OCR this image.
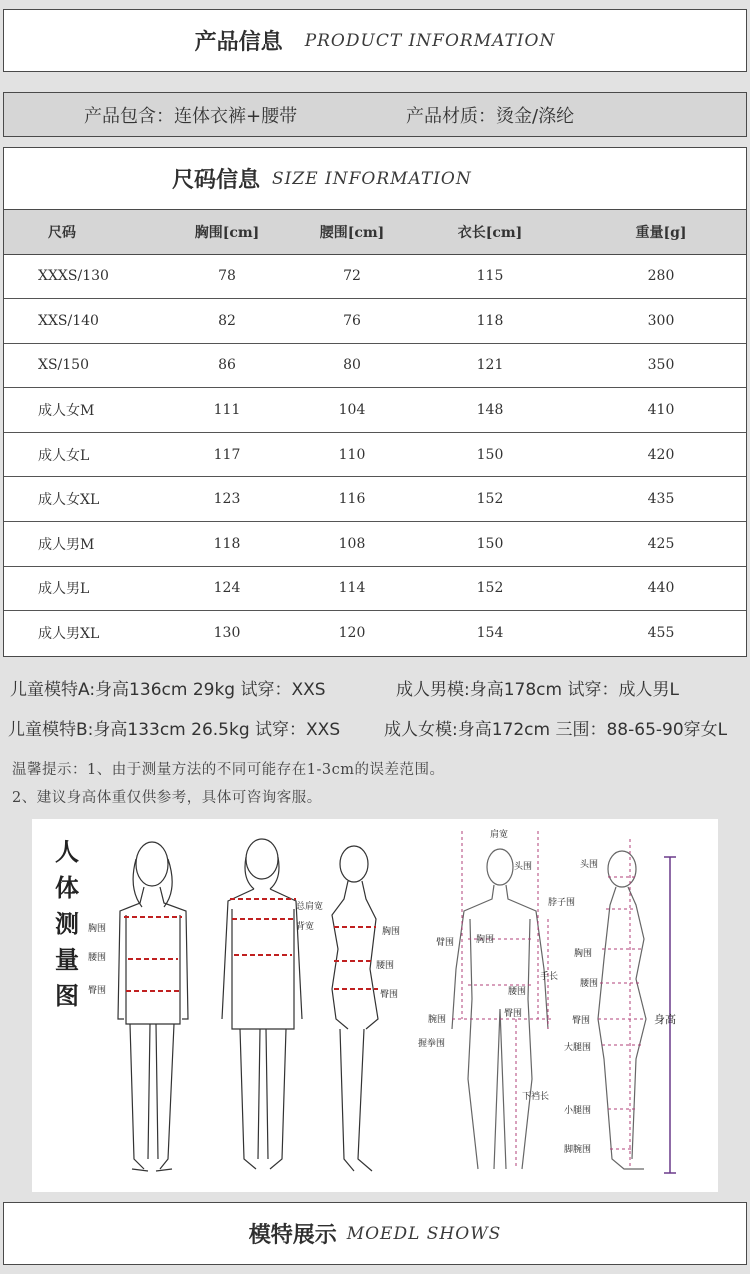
产品信息 PRODUCT INFORMATION
产品包含：连体衣裤+腰带	产品材质：烫金/涤纶
尺码信息 SIZE INFORMATION
尺码	胸围[cm]	腰围[cm]	衣长[cm]	重量[g]
XXXS/130	78	72	115	280
XXS/140	82	76	118	300
XS/150	86	80	121	350
成人女M	111	104	148	410
成人女L	117	110	150	420
成人女XL	123	116	152	435
成人男M	118	108	150	425
成人男L	124	114	152	440
成人男XL	130	120	154	455
儿童模特A:身高136cm 29kg 试穿：XXS	成人男模:身高178cm 试穿：成人男L
儿童模特B:身高133cm 26.5kg 试穿：XXS	成人女模:身高172cm 三围：88-65-90穿女L
温馨提示：1、由于测量方法的不同可能存在1-3cm的误差范围。
2、建议身高体重仅供参考，具体可咨询客服。
人
体
测
量
图
胸围
腰围
臀围
总肩宽
背宽	胸围
腰围
臀围
肩宽
头围
脖子围
臂围 胸围
手长
腰围
臀围
腕围
握拳围
下裆长
头围
胸围
腰围
臀围
大腿围
小腿围
脚腕围
身高
模特展示 MOEDL SHOWS
